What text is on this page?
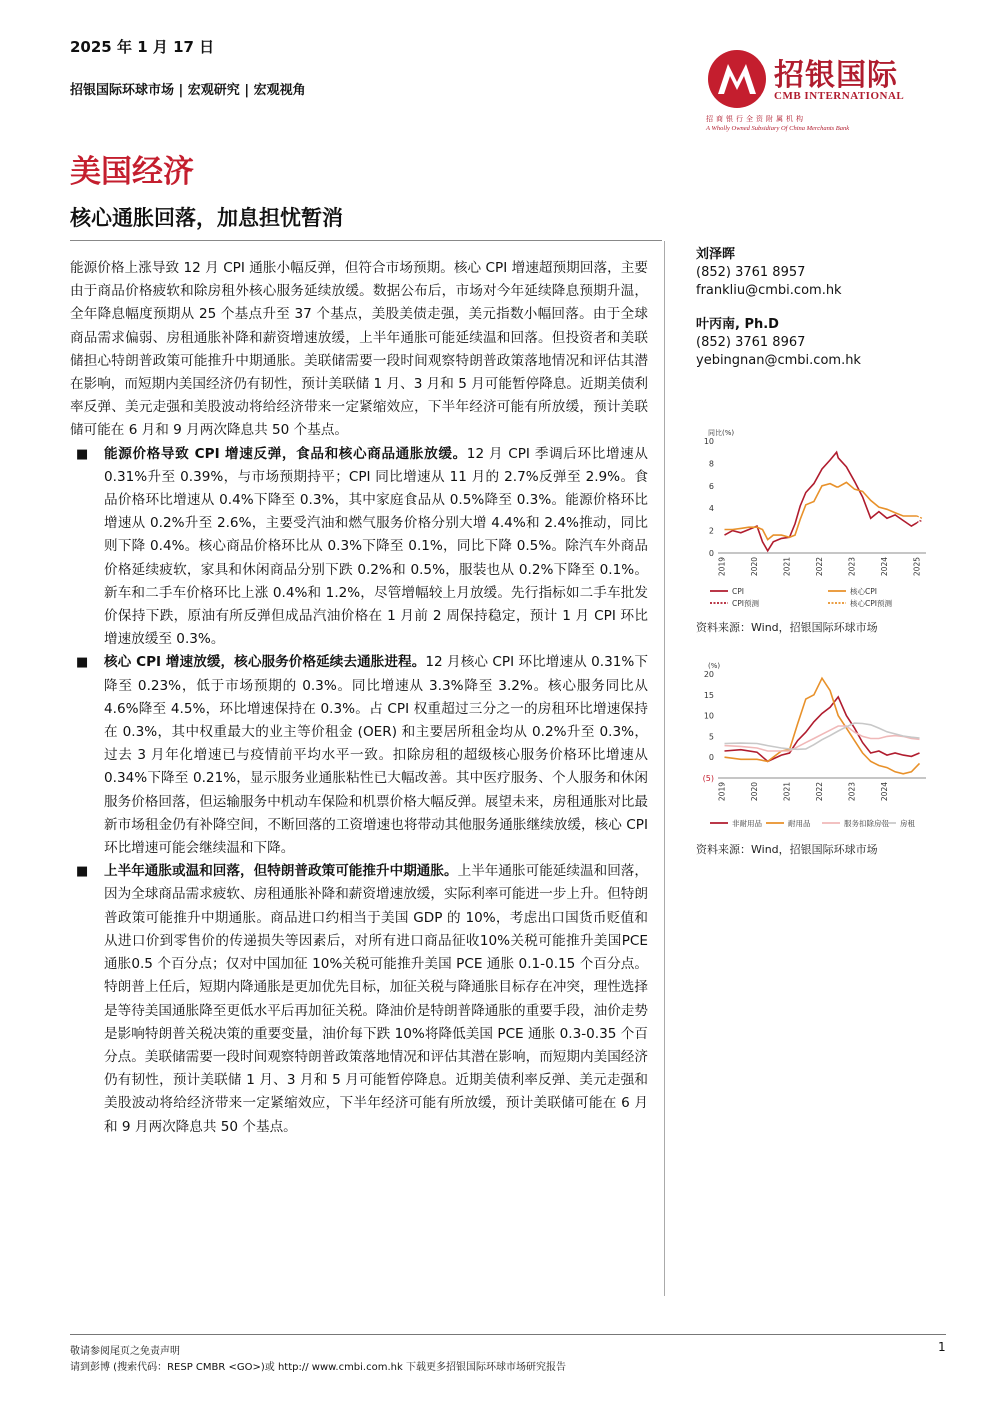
2025 年 1 月 17 日
招银国际环球市场 | 宏观研究 | 宏观视角	招银国际
CMB INTERNATIONAL
招商银行全资附属机构
A Wholly Owned Subsidiary Of China Merchants Bank
美国经济
核心通胀回落，加息担忧暂消

能源价格上涨导致 12 月 CPI 通胀小幅反弹，但符合市场预期。核心 CPI 增速超预期回落，主要由于商品价格疲软和除房租外核心服务延续放缓。数据公布后，市场对今年延续降息预期升温，全年降息幅度预期从 25 个基点升至 37 个基点，美股美债走强，美元指数小幅回落。由于全球商品需求偏弱、房租通胀补降和薪资增速放缓，上半年通胀可能延续温和回落。但投资者和美联储担心特朗普政策可能推升中期通胀。美联储需要一段时间观察特朗普政策落地情况和评估其潜在影响，而短期内美国经济仍有韧性，预计美联储 1 月、3 月和 5 月可能暂停降息。近期美债利率反弹、美元走强和美股波动将给经济带来一定紧缩效应，下半年经济可能有所放缓，预计美联储可能在 6 月和 9 月两次降息共 50 个基点。

■	能源价格导致 CPI 增速反弹，食品和核心商品通胀放缓。12 月 CPI 季调后环比增速从 0.31%升至 0.39%，与市场预期持平；CPI 同比增速从 11 月的 2.7%反弹至 2.9%。食品价格环比增速从 0.4%下降至 0.3%，其中家庭食品从 0.5%降至 0.3%。能源价格环比增速从 0.2%升至 2.6%，主要受汽油和燃气服务价格分别大增 4.4%和 2.4%推动，同比则下降 0.4%。核心商品价格环比从 0.3%下降至 0.1%，同比下降 0.5%。除汽车外商品价格延续疲软，家具和休闲商品分别下跌 0.2%和 0.5%，服装也从 0.2%下降至 0.1%。新车和二手车价格环比上涨 0.4%和 1.2%，尽管增幅较上月放缓。先行指标如二手车批发价保持下跌，原油有所反弹但成品汽油价格在 1 月前 2 周保持稳定，预计 1 月 CPI 环比增速放缓至 0.3%。
■	核心 CPI 增速放缓，核心服务价格延续去通胀进程。12 月核心 CPI 环比增速从 0.31%下降至 0.23%，低于市场预期的 0.3%。同比增速从 3.3%降至 3.2%。核心服务同比从 4.6%降至 4.5%，环比增速保持在 0.3%。占 CPI 权重超过三分之一的房租环比增速保持在 0.3%，其中权重最大的业主等价租金 (OER) 和主要居所租金均从 0.2%升至 0.3%，过去 3 月年化增速已与疫情前平均水平一致。扣除房租的超级核心服务价格环比增速从 0.34%下降至 0.21%，显示服务业通胀粘性已大幅改善。其中医疗服务、个人服务和休闲服务价格回落，但运输服务中机动车保险和机票价格大幅反弹。展望未来，房租通胀对比最新市场租金仍有补降空间，不断回落的工资增速也将带动其他服务通胀继续放缓，核心 CPI 环比增速可能会继续温和下降。
■	上半年通胀或温和回落，但特朗普政策可能推升中期通胀。上半年通胀可能延续温和回落，因为全球商品需求疲软、房租通胀补降和薪资增速放缓，实际利率可能进一步上升。但特朗普政策可能推升中期通胀。商品进口约相当于美国 GDP 的 10%，考虑出口国货币贬值和从进口价到零售价的传递损失等因素后，对所有进口商品征收10%关税可能推升美国PCE通胀0.5 个百分点；仅对中国加征 10%关税可能推升美国 PCE 通胀 0.1-0.15 个百分点。特朗普上任后，短期内降通胀是更加优先目标，加征关税与降通胀目标存在冲突，理性选择是等待美国通胀降至更低水平后再加征关税。降油价是特朗普降通胀的重要手段，油价走势是影响特朗普关税决策的重要变量，油价每下跌 10%将降低美国 PCE 通胀 0.3-0.35 个百分点。美联储需要一段时间观察特朗普政策落地情况和评估其潜在影响，而短期内美国经济仍有韧性，预计美联储 1 月、3 月和 5 月可能暂停降息。近期美债利率反弹、美元走强和美股波动将给经济带来一定紧缩效应，下半年经济可能有所放缓，预计美联储可能在 6 月和 9 月两次降息共 50 个基点。
刘泽晖
(852) 3761 8957
frankliu@cmbi.com.hk
叶丙南, Ph.D
(852) 3761 8967
yebingnan@cmbi.com.hk
同比(%)
0
2
4
6
8
10
2019	2020	2021	2022	2023	2024	2025
CPI	核心CPI
CPI预测	核心CPI预测
资料来源：Wind，招银国际环球市场
(%)
(5)
0
5
10
15
20
2019	2020	2021	2022	2023	2024
非耐用品	耐用品	服务扣除房租 房租
资料来源：Wind，招银国际环球市场
敬请参阅尾页之免责声明
请到彭博 (搜索代码：RESP CMBR <GO>)或 http:// www.cmbi.com.hk 下载更多招银国际环球市场研究报告
1
